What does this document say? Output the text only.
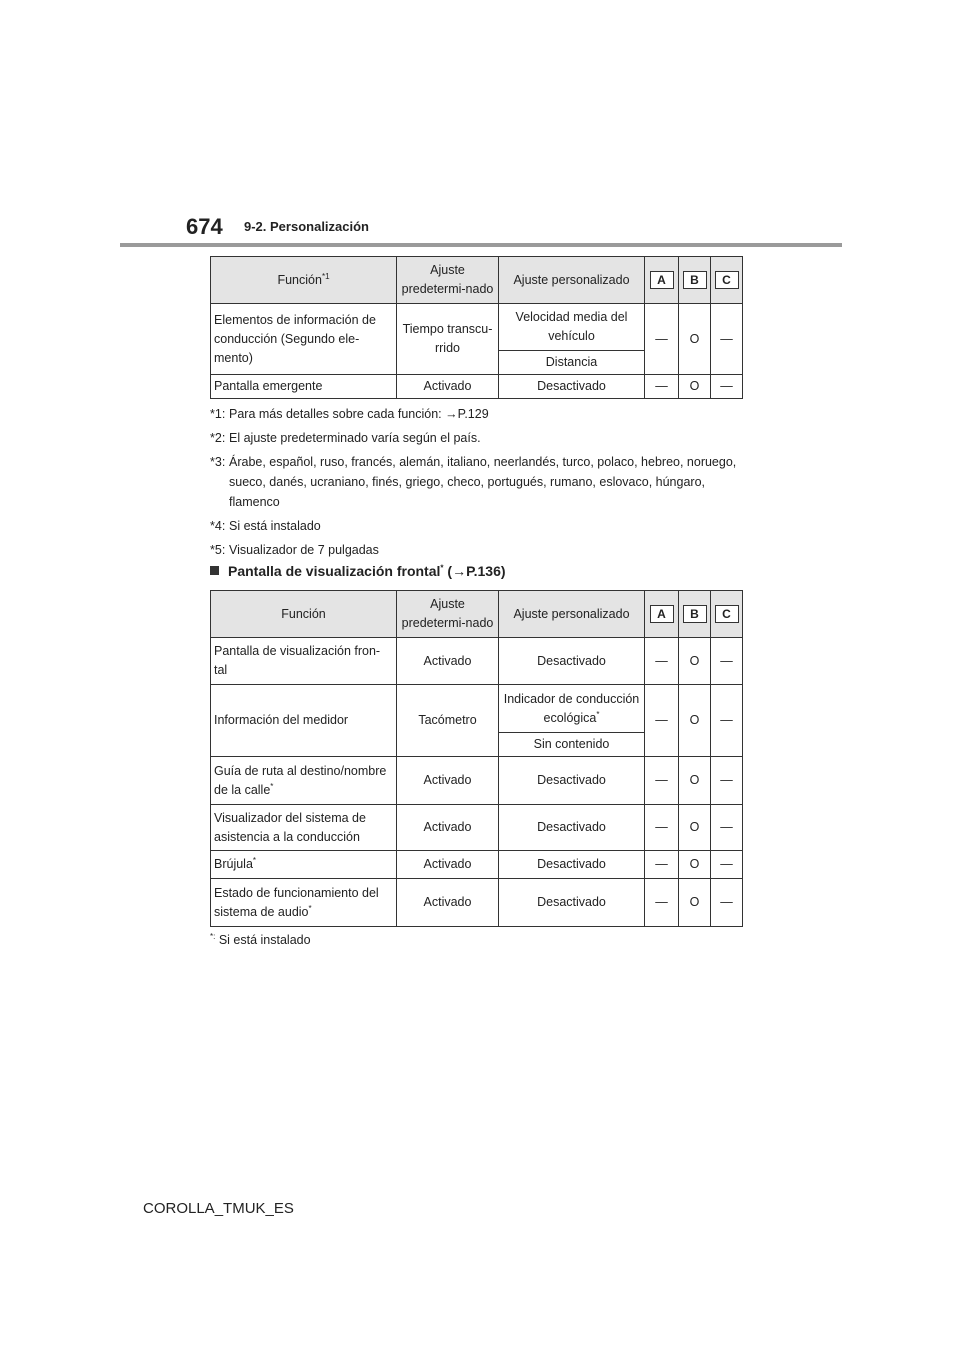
674 9-2. Personalización
Función$^{*1}$	Ajuste predetermi-nado	Ajuste personalizado	A	B	C
Elementos de información de conducción (Segundo ele-mento)	Tiempo transcu-rrido	Velocidad media del vehículo	—	O	—
		Distancia			
Pantalla emergente	Activado	Desactivado	—	O	—
*1: Para más detalles sobre cada función: →P.129
*2: El ajuste predeterminado varía según el país.
*3: Árabe, español, ruso, francés, alemán, italiano, neerlandés, turco, polaco, hebreo, noruego, sueco, danés, ucraniano, finés, griego, checo, portugués, rumano, eslovaco, húngaro, flamenco
*4: Si está instalado
*5: Visualizador de 7 pulgadas
Pantalla de visualización frontal* (→P.136)
Función	Ajuste predetermi-nado	Ajuste personalizado	A	B	C
Pantalla de visualización fron-tal	Activado	Desactivado	—	O	—
Información del medidor	Tacómetro	Indicador de conducción ecológica*	—	O	—
		Sin contenido			
Guía de ruta al destino/nombre de la calle*	Activado	Desactivado	—	O	—
Visualizador del sistema de asistencia a la conducción	Activado	Desactivado	—	O	—
Brújula*	Activado	Desactivado	—	O	—
Estado de funcionamiento del sistema de audio*	Activado	Desactivado	—	O	—
*: Si está instalado
COROLLA_TMUK_ES
